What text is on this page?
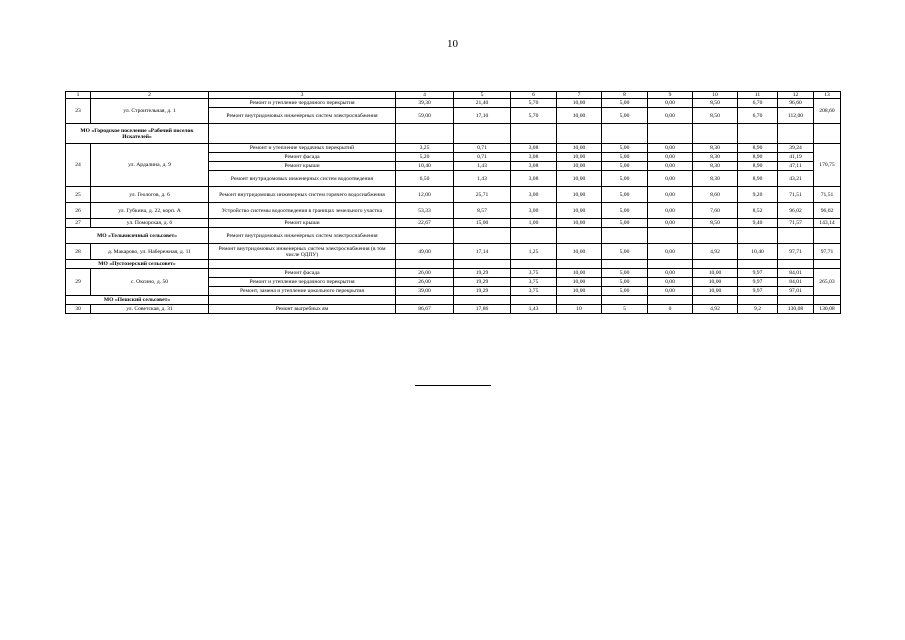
10
1	2	3	4	5	6	7	8	9	10	11	12	13
23	ул. Строительная, д. 1	Ремонт и утепление чердачного перекрытия	39,30	21,40	5,70	10,00	5,00	0,00	8,50	6,70	96,60	208,60
		Ремонт внутридомовых инженерных систем электроснабжения	59,00	17,10	5,70	10,00	5,00	0,00	8,50	6,70	112,00	
МО «Городское поселение «Рабочий поселок Искателей»												
24	ул. Ардалина, д. 9	Ремонт и утепление чердачных перекрытий	3,25	0,71	3,08	10,00	5,00	0,00	8,30	8,90	39,24	170,75
		Ремонт фасада	5,20	0,71	3,08	10,00	5,00	0,00	8,30	8,90	41,19	
		Ремонт крыши	10,40	1,43	3,08	10,00	5,00	0,00	8,30	8,90	47,11	
		Ремонт внутридомовых инженерных систем водоотведения	6,50	1,43	3,08	10,00	5,00	0,00	8,30	8,90	43,21	
25	ул. Геологов, д. 6	Ремонт внутридомовых инженерных систем горячего водоснабжения	12,00	25,71	3,00	10,00	5,00	0,00	8,60	9,20	71,51	71,51
26	ул. Губкина, д. 22, корп. А	Устройство системы водоотведения в границах земельного участка	53,33	8,57	3,00	10,00	5,00	0,00	7,60	8,52	96,02	96,02
27	ул. Поморская, д. 6	Ремонт крыши	22,67	15,00	1,00	10,00	5,00	0,00	8,50	9,40	71,57	143,14
МО «Тельвисочный сельсовет»		Ремонт внутридомовых инженерных систем электроснабжения										
28	д. Макарово, ул. Набережная, д. 11	Ремонт внутридомовых инженерных систем электроснабжения (в том числе ОДПУ)	49,00	17,14	1,25	10,00	5,00	0,00	4,92	10,40	97,71	97,71
МО «Пустозерский сельсовет»												
29	с. Оксино, д. 50	Ремонт фасада	26,00	19,29	3,75	10,00	5,00	0,00	10,00	9,97	84,01	265,03
		Ремонт и утепление чердачного перекрытия	26,00	19,29	3,75	10,00	5,00	0,00	10,00	9,97	84,01	
		Ремонт, замена и утепление цокольного перекрытия	39,00	19,29	3,75	10,00	5,00	0,00	10,00	9,97	97,01	
МО «Пешский сельсовет»												
30	ул. Советская, д. 31	Ремонт выгребных ям	86,67	17,86	1,43	10	5	0	4,92	9,2	130,08	130,08
